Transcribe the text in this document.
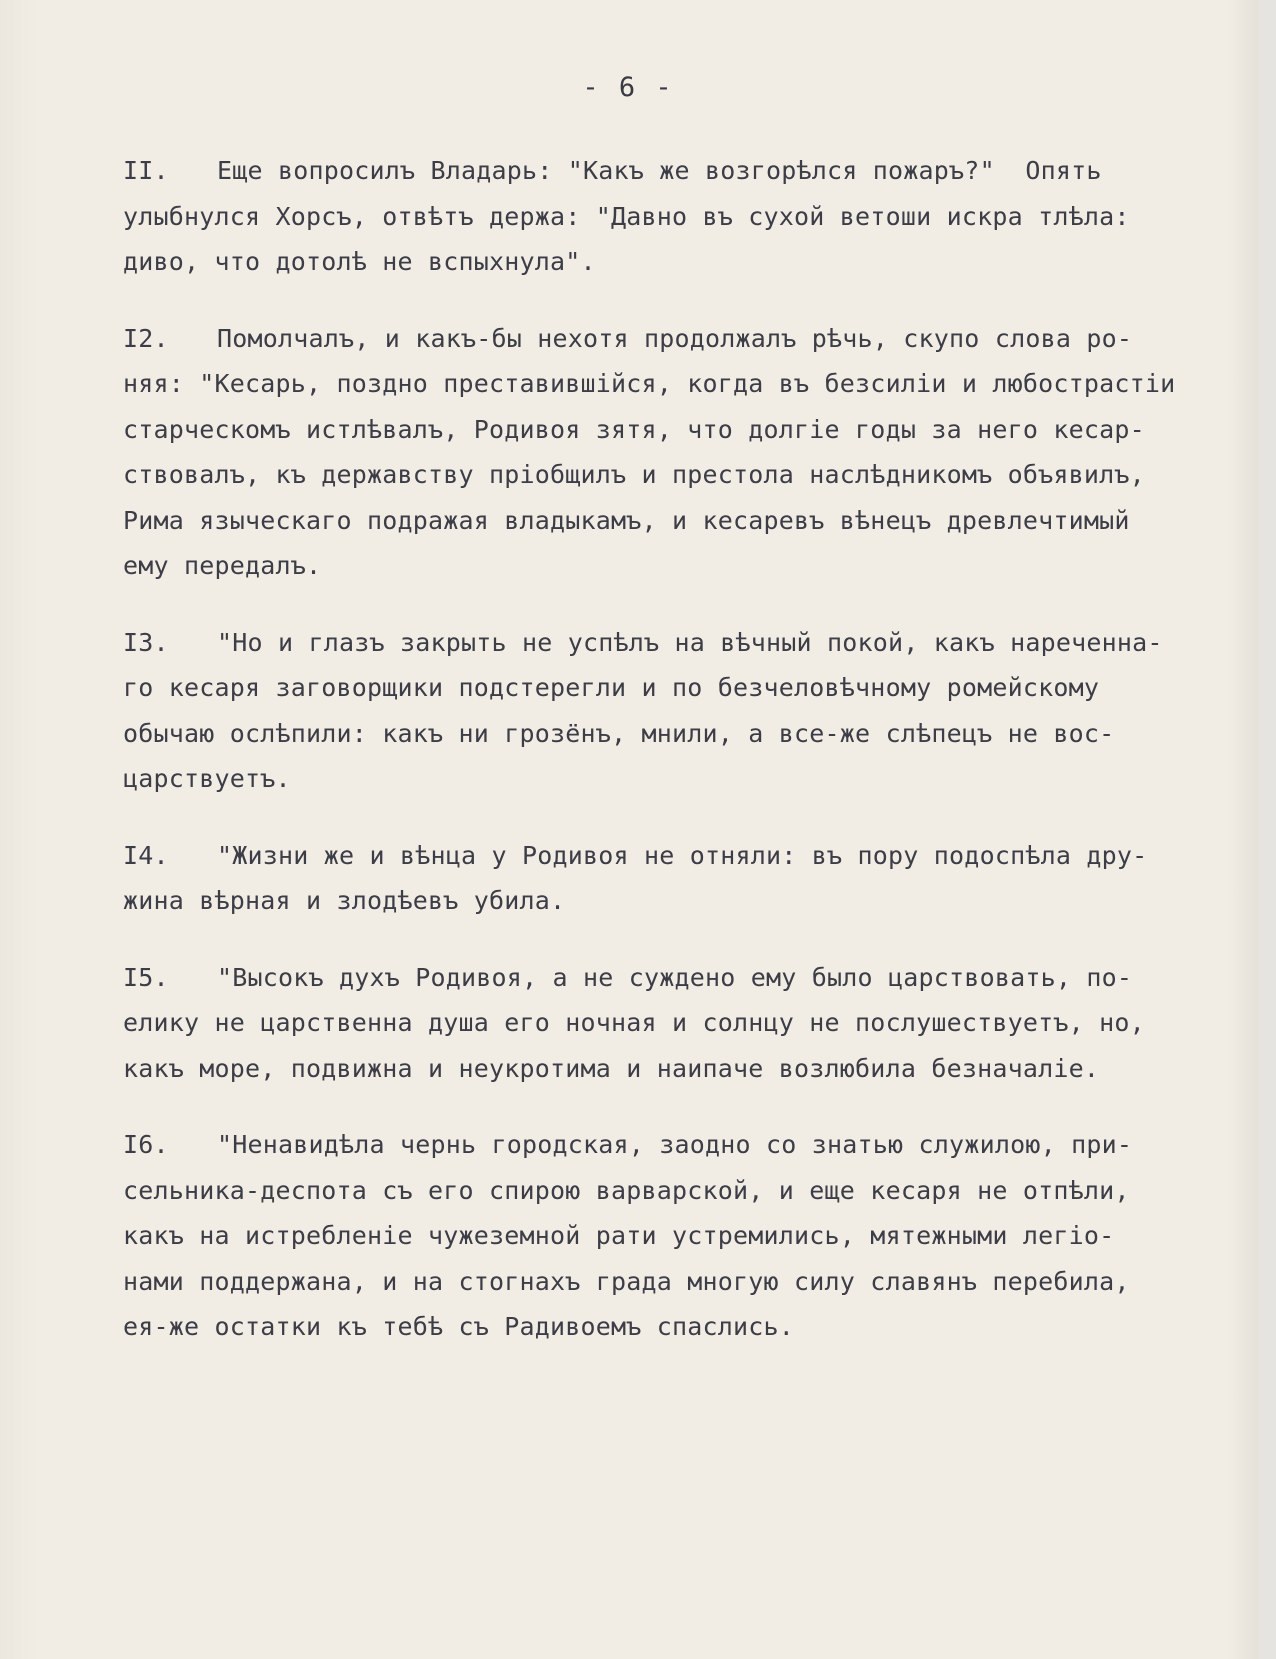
- 6 -
II. Еще вопросилъ Владарь: "Какъ же возгорѣлся пожаръ?"  Опять
улыбнулся Хорсъ, отвѣтъ держа: "Давно въ сухой ветоши искра тлѣла:
диво, что дотолѣ не вспыхнула".
I2. Помолчалъ, и какъ-бы нехотя продолжалъ рѣчь, скупо слова ро-
няя: "Кесарь, поздно преставившійся, когда въ безсиліи и любострастіи
старческомъ истлѣвалъ, Родивоя зятя, что долгіе годы за него кесар-
ствовалъ, къ державству пріобщилъ и престола наслѣдникомъ объявилъ,
Рима языческаго подражая владыкамъ, и кесаревъ вѣнецъ древлечтимый
ему передалъ.
I3. "Но и глазъ закрыть не успѣлъ на вѣчный покой, какъ нареченна-
го кесаря заговорщики подстерегли и по безчеловѣчному ромейскому
обычаю ослѣпили: какъ ни грозёнъ, мнили, а все-же слѣпецъ не вос-
царствуетъ.
I4. "Жизни же и вѣнца у Родивоя не отняли: въ пору подоспѣла дру-
жина вѣрная и злодѣевъ убила.
I5. "Высокъ духъ Родивоя, а не суждено ему было царствовать, по-
елику не царственна душа его ночная и солнцу не послушествуетъ, но,
какъ море, подвижна и неукротима и наипаче возлюбила безначаліе.
I6. "Ненавидѣла чернь городская, заодно со знатью служилою, при-
сельника-деспота съ его спирою варварской, и еще кесаря не отпѣли,
какъ на истребленіе чужеземной рати устремились, мятежными легіо-
нами поддержана, и на стогнахъ града многую силу славянъ перебила,
ея-же остатки къ тебѣ съ Радивоемъ спаслись.
